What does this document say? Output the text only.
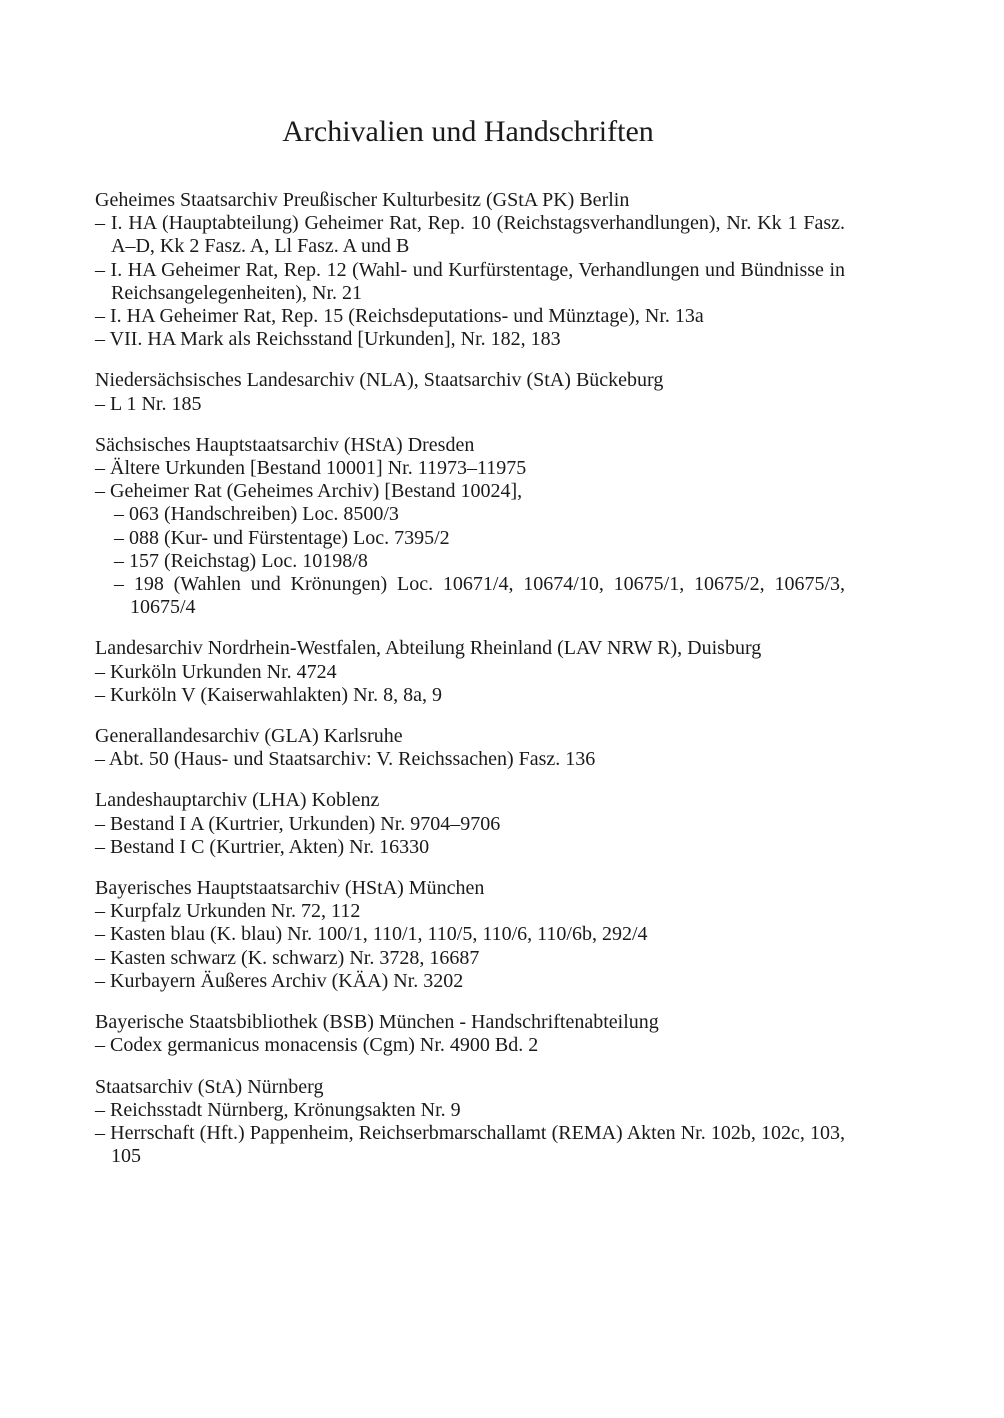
Archivalien und Handschriften
Geheimes Staatsarchiv Preußischer Kulturbesitz (GStA PK) Berlin
– I. HA (Hauptabteilung) Geheimer Rat, Rep. 10 (Reichstagsverhandlungen), Nr. Kk 1 Fasz. A–D, Kk 2 Fasz. A, Ll Fasz. A und B
– I. HA Geheimer Rat, Rep. 12 (Wahl- und Kurfürstentage, Verhandlungen und Bündnisse in Reichsangelegenheiten), Nr. 21
– I. HA Geheimer Rat, Rep. 15 (Reichsdeputations- und Münztage), Nr. 13a
– VII. HA Mark als Reichsstand [Urkunden], Nr. 182, 183
Niedersächsisches Landesarchiv (NLA), Staatsarchiv (StA) Bückeburg
– L 1 Nr. 185
Sächsisches Hauptstaatsarchiv (HStA) Dresden
– Ältere Urkunden [Bestand 10001] Nr. 11973–11975
– Geheimer Rat (Geheimes Archiv) [Bestand 10024],
– 063 (Handschreiben) Loc. 8500/3
– 088 (Kur- und Fürstentage) Loc. 7395/2
– 157 (Reichstag) Loc. 10198/8
– 198 (Wahlen und Krönungen) Loc. 10671/4, 10674/10, 10675/1, 10675/2, 10675/3, 10675/4
Landesarchiv Nordrhein-Westfalen, Abteilung Rheinland (LAV NRW R), Duisburg
– Kurköln Urkunden Nr. 4724
– Kurköln V (Kaiserwahlakten) Nr. 8, 8a, 9
Generallandesarchiv (GLA) Karlsruhe
– Abt. 50 (Haus- und Staatsarchiv: V. Reichssachen) Fasz. 136
Landeshauptarchiv (LHA) Koblenz
– Bestand I A (Kurtrier, Urkunden) Nr. 9704–9706
– Bestand I C (Kurtrier, Akten) Nr. 16330
Bayerisches Hauptstaatsarchiv (HStA) München
– Kurpfalz Urkunden Nr. 72, 112
– Kasten blau (K. blau) Nr. 100/1, 110/1, 110/5, 110/6, 110/6b, 292/4
– Kasten schwarz (K. schwarz) Nr. 3728, 16687
– Kurbayern Äußeres Archiv (KÄA) Nr. 3202
Bayerische Staatsbibliothek (BSB) München - Handschriftenabteilung
– Codex germanicus monacensis (Cgm) Nr. 4900 Bd. 2
Staatsarchiv (StA) Nürnberg
– Reichsstadt Nürnberg, Krönungsakten Nr. 9
– Herrschaft (Hft.) Pappenheim, Reichserbmarschallamt (REMA) Akten Nr. 102b, 102c, 103, 105
